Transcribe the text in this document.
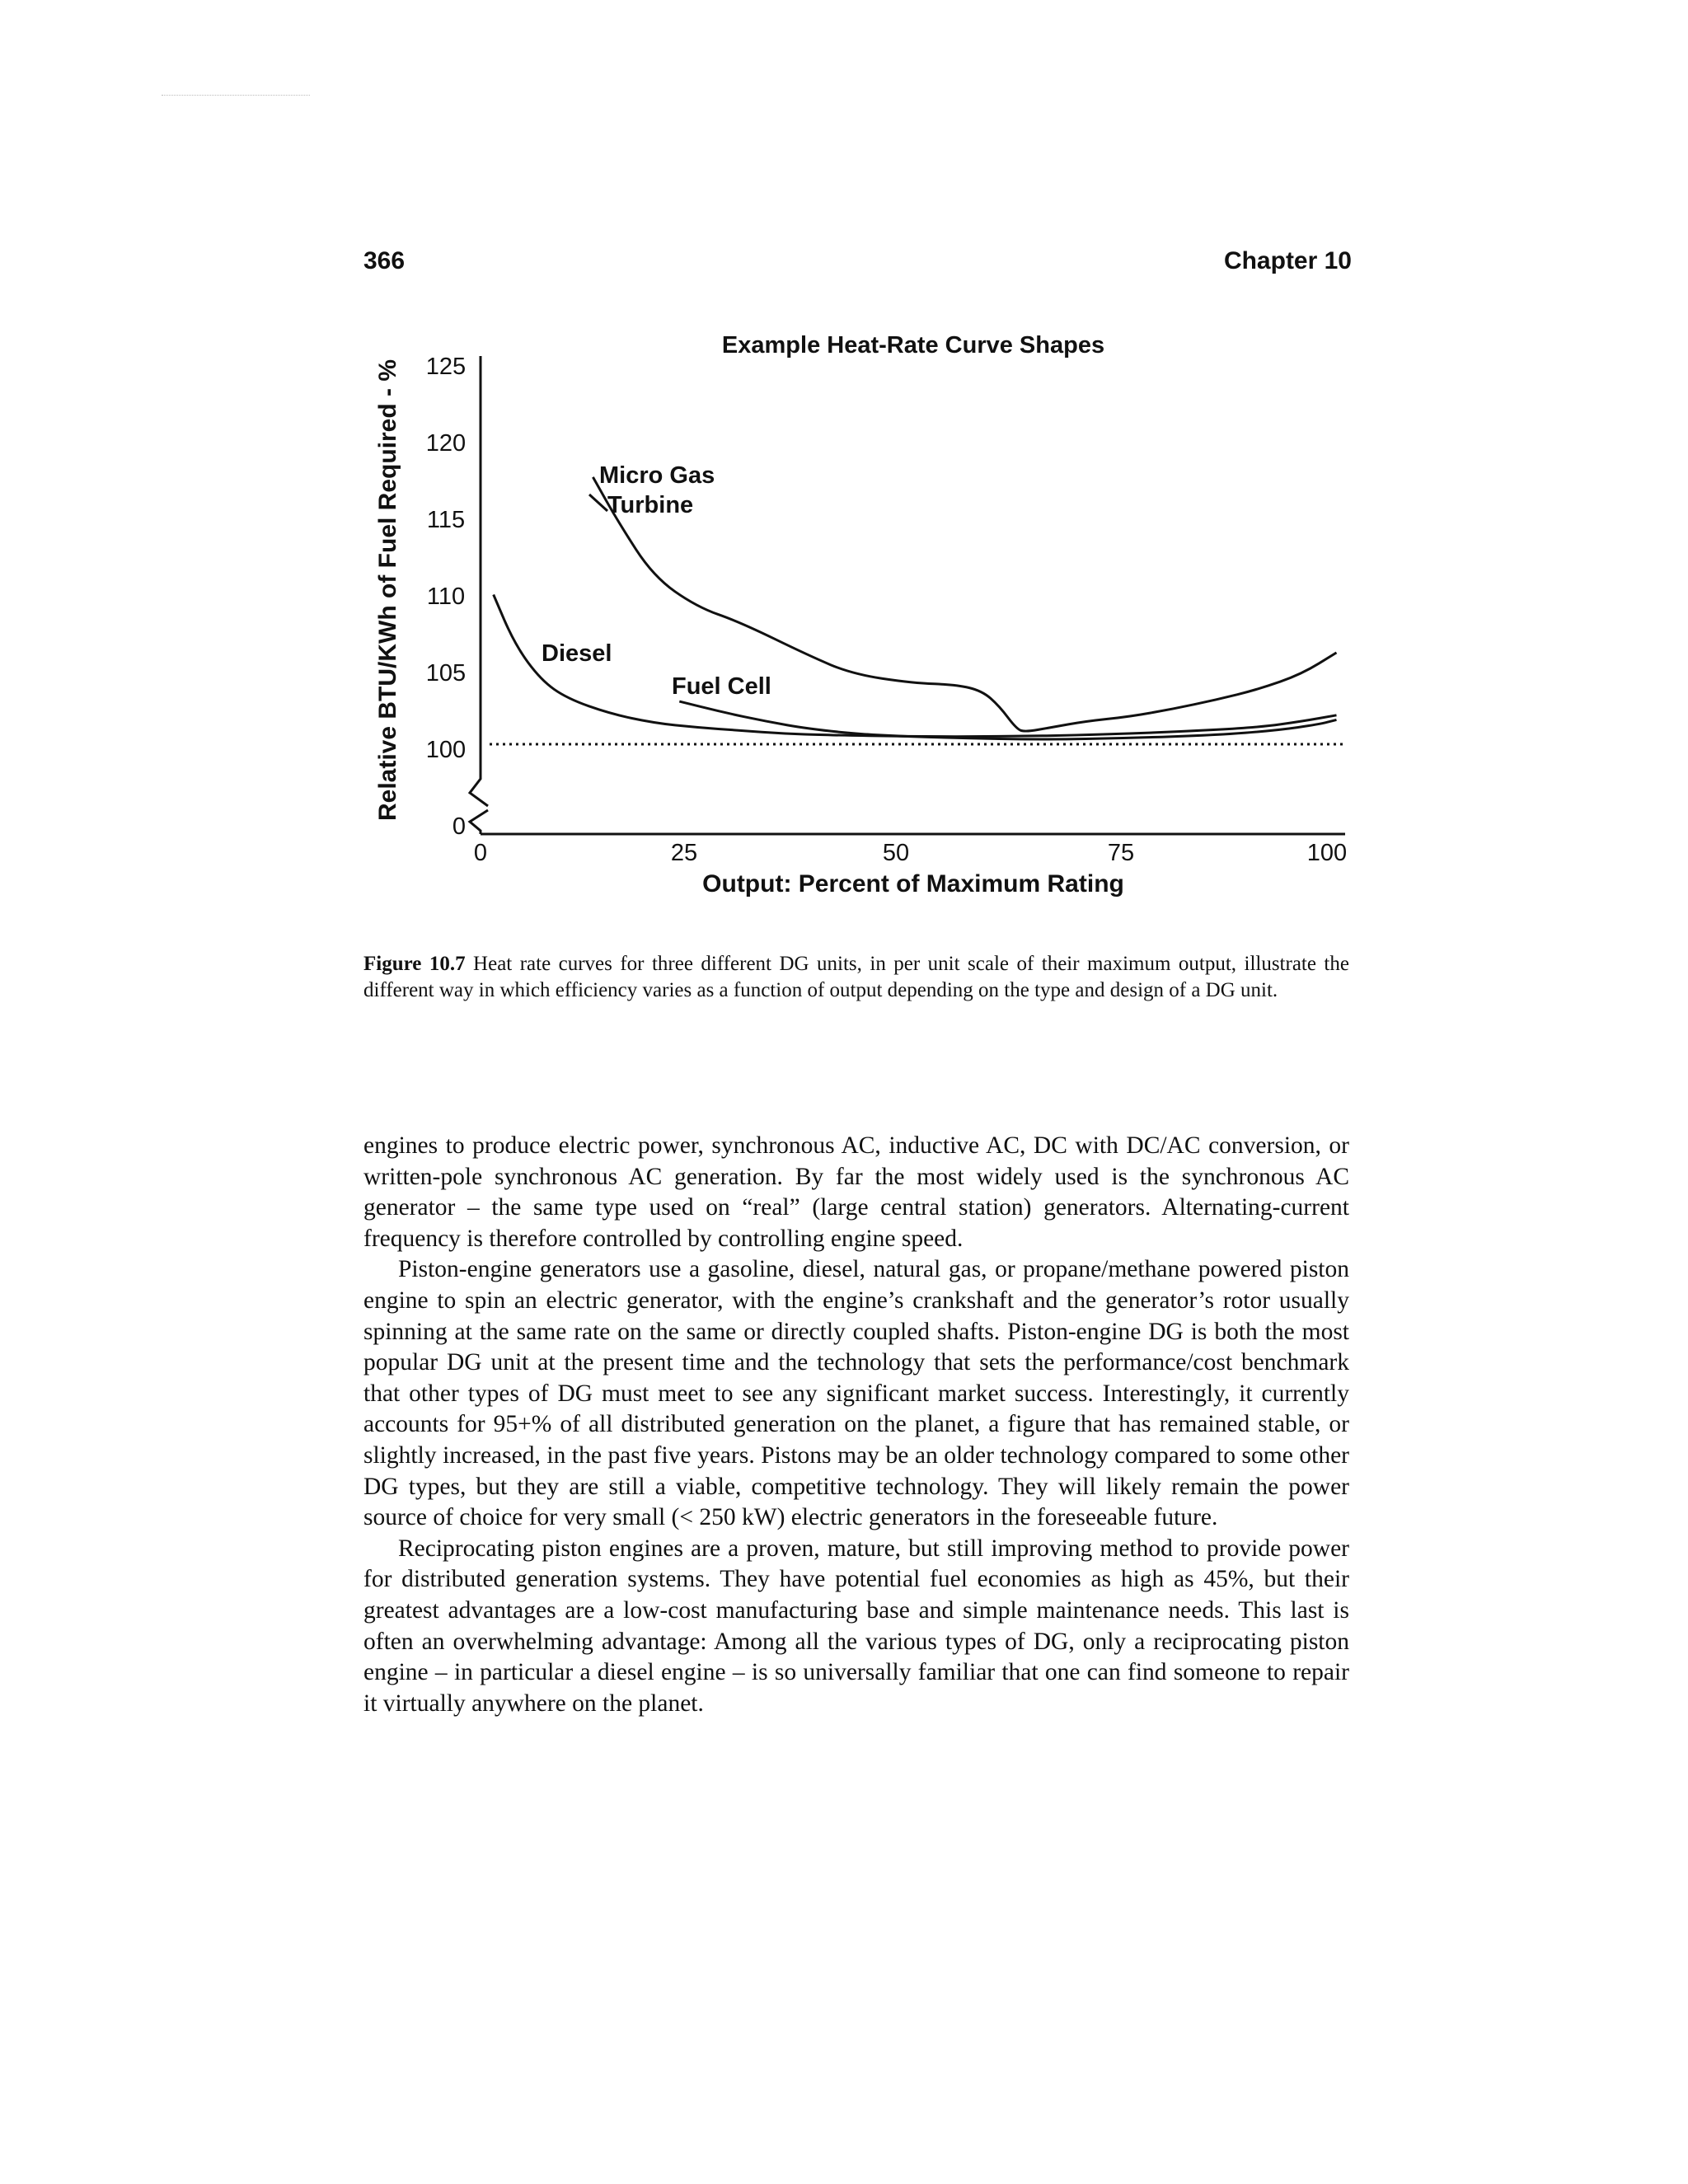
366	Chapter 10
Example Heat-Rate Curve Shapes
125
120
115
110
105
100
0
0	25	50	75	100
Output: Percent of Maximum Rating
Relative BTU/KWh of Fuel Required - %	Micro Gas
Turbine
Diesel
Fuel Cell
Figure 10.7 Heat rate curves for three different DG units, in per unit scale of their maximum output, illustrate the different way in which efficiency varies as a function of output depending on the type and design of a DG unit.

engines to produce electric power, synchronous AC, inductive AC, DC with DC/AC conversion, or written-pole synchronous AC generation. By far the most widely used is the synchronous AC generator – the same type used on “real” (large central station) generators. Alternating-current frequency is therefore controlled by controlling engine speed.

Piston-engine generators use a gasoline, diesel, natural gas, or propane/methane powered piston engine to spin an electric generator, with the engine’s crankshaft and the generator’s rotor usually spinning at the same rate on the same or directly coupled shafts. Piston-engine DG is both the most popular DG unit at the present time and the technology that sets the performance/cost benchmark that other types of DG must meet to see any significant market success. Interestingly, it currently accounts for 95+% of all distributed generation on the planet, a figure that has remained stable, or slightly increased, in the past five years. Pistons may be an older technology compared to some other DG types, but they are still a viable, competitive technology. They will likely remain the power source of choice for very small (< 250 kW) electric generators in the foreseeable future.

Reciprocating piston engines are a proven, mature, but still improving method to provide power for distributed generation systems. They have potential fuel economies as high as 45%, but their greatest advantages are a low-cost manufacturing base and simple maintenance needs. This last is often an overwhelming advantage: Among all the various types of DG, only a reciprocating piston engine – in particular a diesel engine – is so universally familiar that one can find someone to repair it virtually anywhere on the planet.
